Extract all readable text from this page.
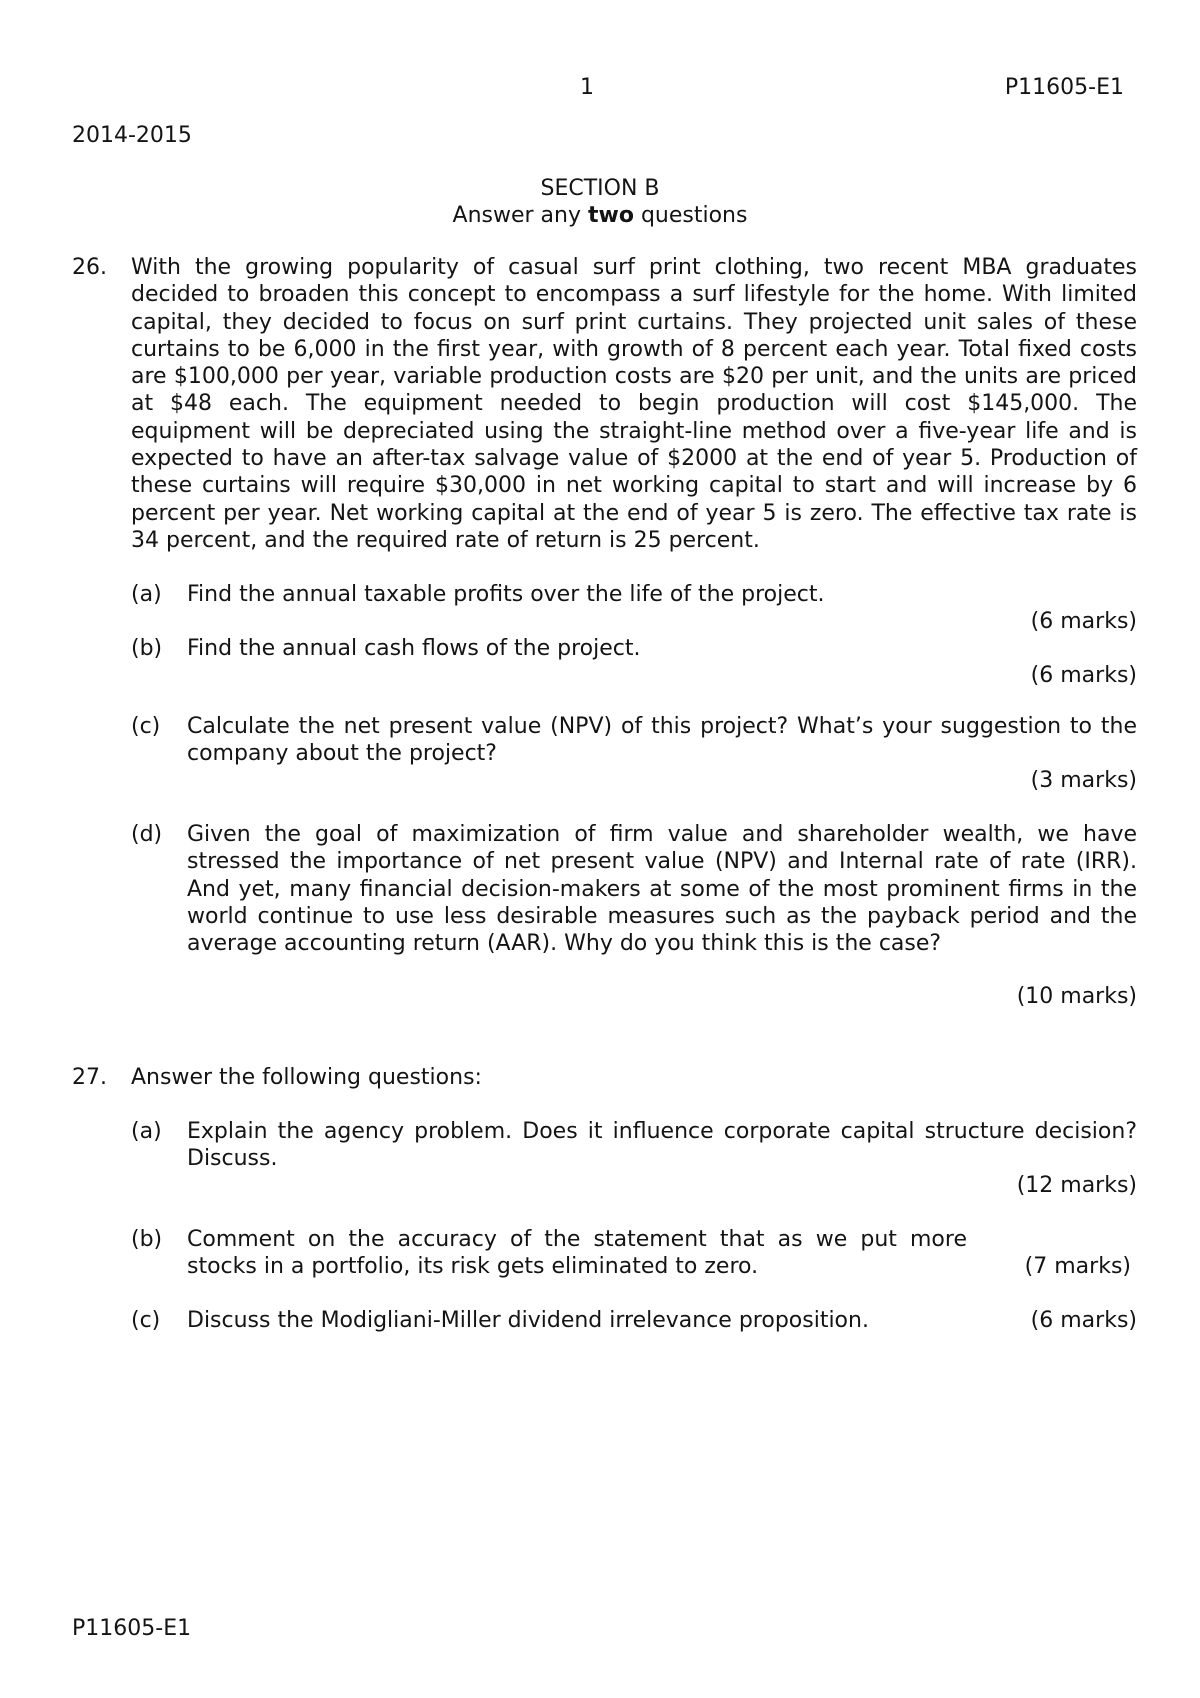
1	P11605-E1
2014-2015
SECTION B
Answer any two questions
26. With the growing popularity of casual surf print clothing, two recent MBA graduates decided to broaden this concept to encompass a surf lifestyle for the home. With limited capital, they decided to focus on surf print curtains. They projected unit sales of these curtains to be 6,000 in the first year, with growth of 8 percent each year. Total fixed costs are $100,000 per year, variable production costs are $20 per unit, and the units are priced at $48 each. The equipment needed to begin production will cost $145,000. The equipment will be depreciated using the straight-line method over a five-year life and is expected to have an after-tax salvage value of $2000 at the end of year 5. Production of these curtains will require $30,000 in net working capital to start and will increase by 6 percent per year. Net working capital at the end of year 5 is zero. The effective tax rate is 34 percent, and the required rate of return is 25 percent.
(a) Find the annual taxable profits over the life of the project.
(6 marks)
(b) Find the annual cash flows of the project.
(6 marks)
(c) Calculate the net present value (NPV) of this project? What’s your suggestion to the company about the project?
(3 marks)
(d) Given the goal of maximization of firm value and shareholder wealth, we have stressed the importance of net present value (NPV) and Internal rate of rate (IRR). And yet, many financial decision-makers at some of the most prominent firms in the world continue to use less desirable measures such as the payback period and the average accounting return (AAR). Why do you think this is the case?
(10 marks)
27. Answer the following questions:
(a) Explain the agency problem. Does it influence corporate capital structure decision? Discuss.
(12 marks)
(b) Comment on the accuracy of the statement that as we put more stocks in a portfolio, its risk gets eliminated to zero.	(7 marks)
(c) Discuss the Modigliani-Miller dividend irrelevance proposition.	(6 marks)
P11605-E1
